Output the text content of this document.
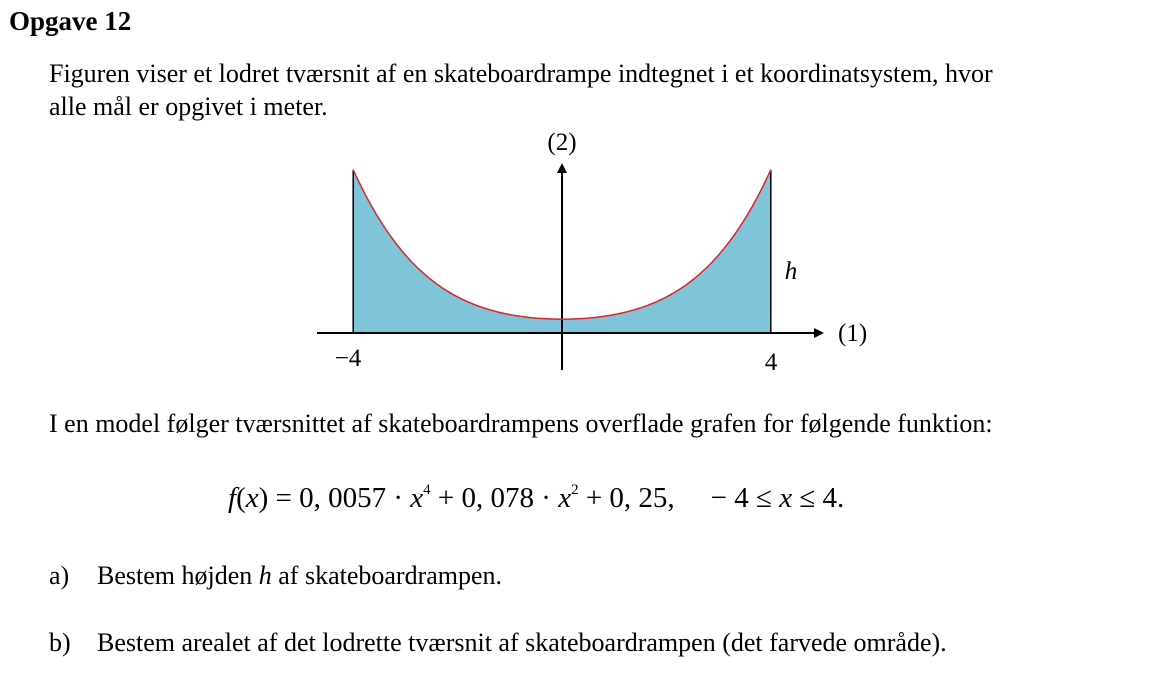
Opgave 12
Figuren viser et lodret tværsnit af en skateboardrampe indtegnet i et koordinatsystem, hvor
alle mål er opgivet i meter.
(2)
(1)
−4	4
h
I en model følger tværsnittet af skateboardrampens overflade grafen for følgende funktion:
f(x) = 0, $0057 \cdot x^4 + 0$, $078 \cdot x^2 + 0$, 25, − 4 ≤ x ≤ 4.
a) Bestem højden h af skateboardrampen.
b) Bestem arealet af det lodrette tværsnit af skateboardrampen (det farvede område).
